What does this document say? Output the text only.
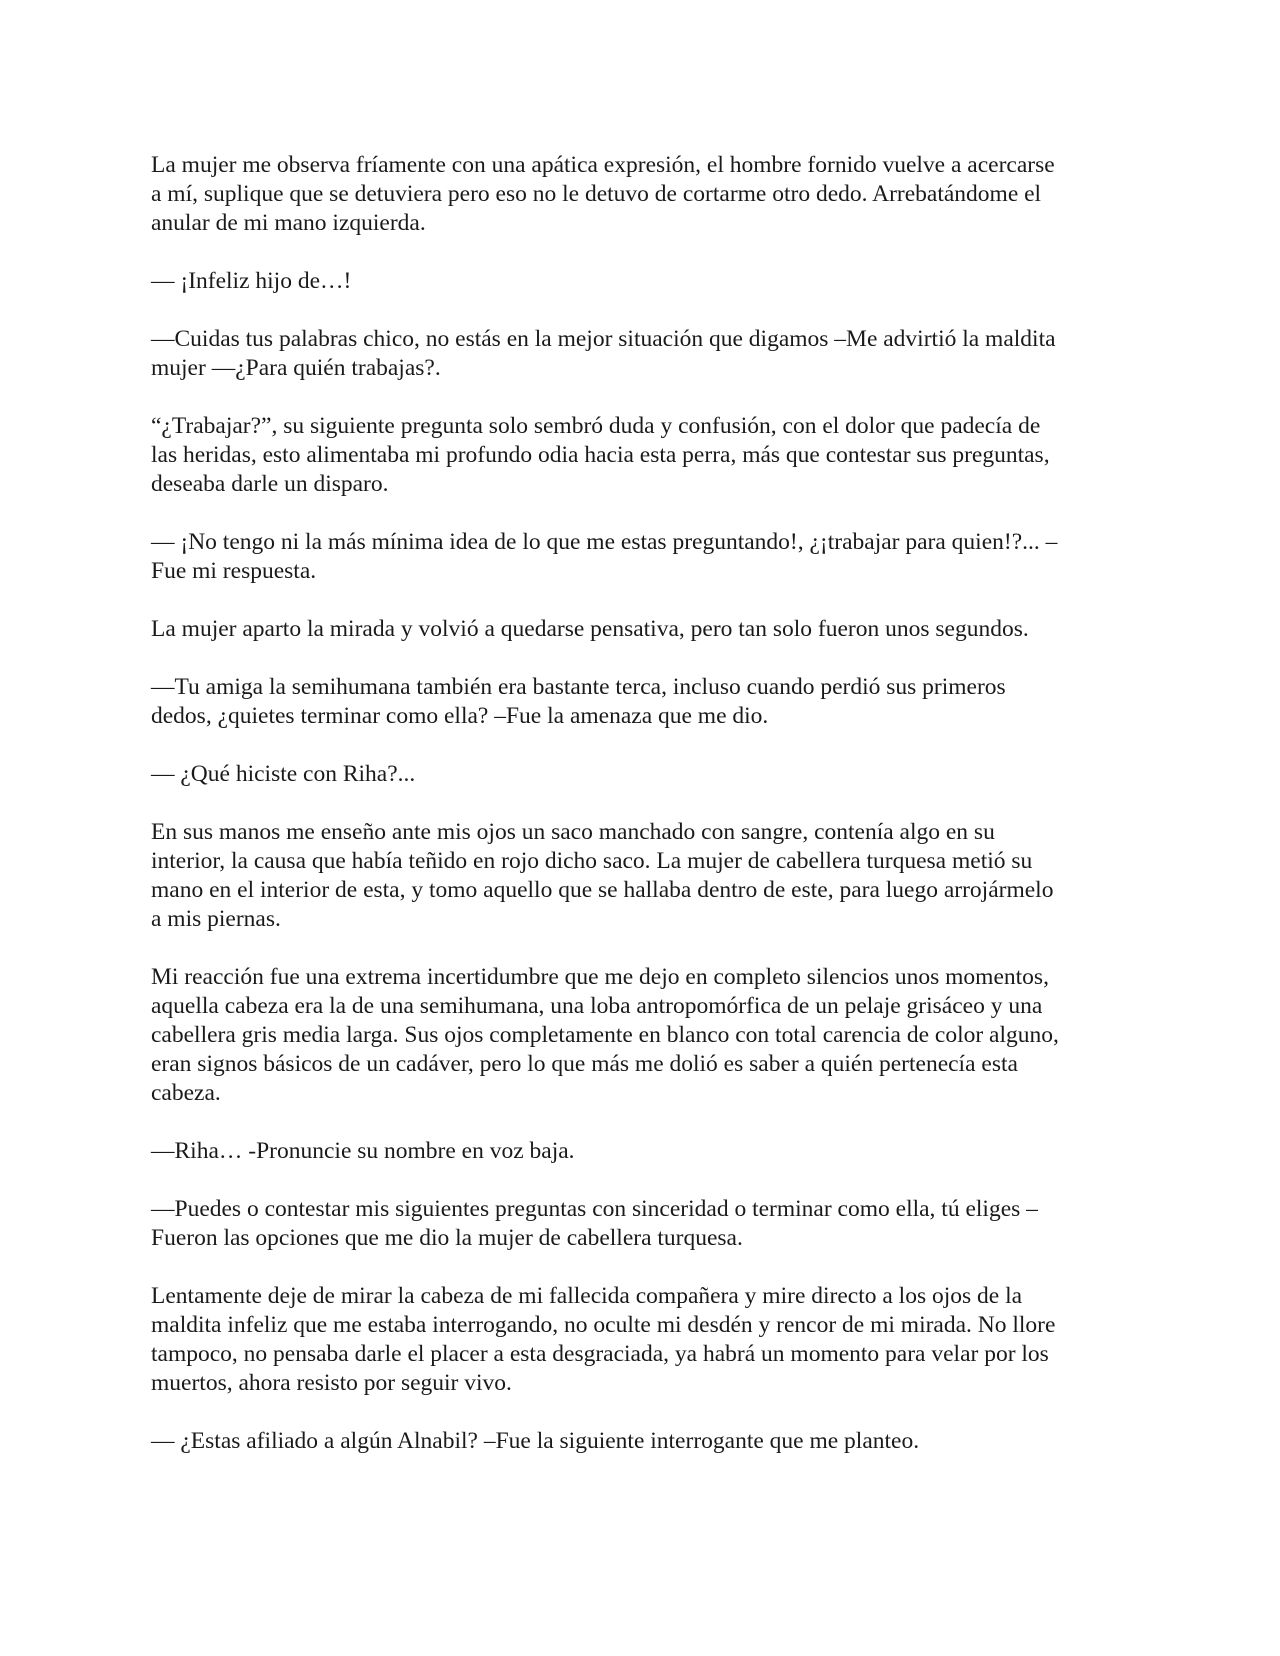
La mujer me observa fríamente con una apática expresión, el hombre fornido vuelve a acercarse
a mí, suplique que se detuviera pero eso no le detuvo de cortarme otro dedo. Arrebatándome el
anular de mi mano izquierda.

— ¡Infeliz hijo de…!

—Cuidas tus palabras chico, no estás en la mejor situación que digamos –Me advirtió la maldita
mujer —¿Para quién trabajas?.

“¿Trabajar?”, su siguiente pregunta solo sembró duda y confusión, con el dolor que padecía de
las heridas, esto alimentaba mi profundo odia hacia esta perra, más que contestar sus preguntas,
deseaba darle un disparo.

— ¡No tengo ni la más mínima idea de lo que me estas preguntando!, ¿¡trabajar para quien!?... –
Fue mi respuesta.

La mujer aparto la mirada y volvió a quedarse pensativa, pero tan solo fueron unos segundos.

—Tu amiga la semihumana también era bastante terca, incluso cuando perdió sus primeros
dedos, ¿quietes terminar como ella? –Fue la amenaza que me dio.

— ¿Qué hiciste con Riha?...

En sus manos me enseño ante mis ojos un saco manchado con sangre, contenía algo en su
interior, la causa que había teñido en rojo dicho saco. La mujer de cabellera turquesa metió su
mano en el interior de esta, y tomo aquello que se hallaba dentro de este, para luego arrojármelo
a mis piernas.

Mi reacción fue una extrema incertidumbre que me dejo en completo silencios unos momentos,
aquella cabeza era la de una semihumana, una loba antropomórfica de un pelaje grisáceo y una
cabellera gris media larga. Sus ojos completamente en blanco con total carencia de color alguno,
eran signos básicos de un cadáver, pero lo que más me dolió es saber a quién pertenecía esta
cabeza.

—Riha… -Pronuncie su nombre en voz baja.

—Puedes o contestar mis siguientes preguntas con sinceridad o terminar como ella, tú eliges –
Fueron las opciones que me dio la mujer de cabellera turquesa.

Lentamente deje de mirar la cabeza de mi fallecida compañera y mire directo a los ojos de la
maldita infeliz que me estaba interrogando, no oculte mi desdén y rencor de mi mirada. No llore
tampoco, no pensaba darle el placer a esta desgraciada, ya habrá un momento para velar por los
muertos, ahora resisto por seguir vivo.

— ¿Estas afiliado a algún Alnabil? –Fue la siguiente interrogante que me planteo.
